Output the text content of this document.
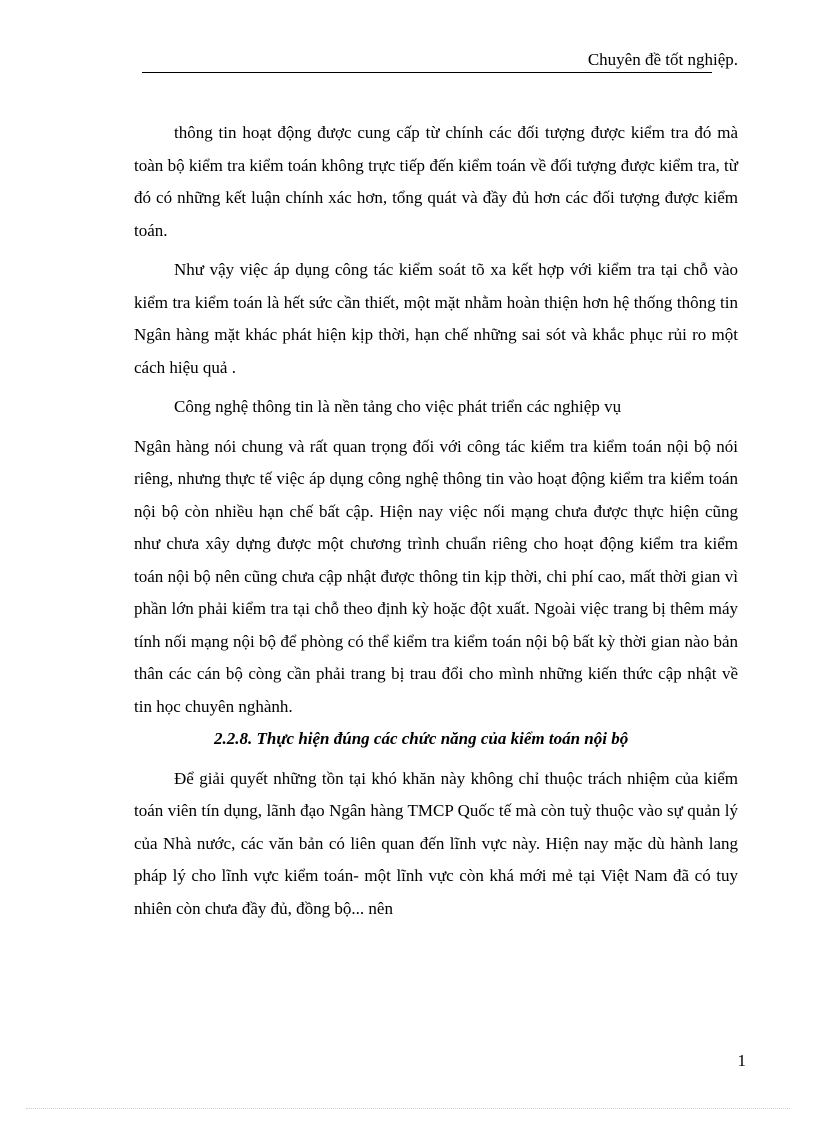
Chuyên đề tốt nghiệp.

thông tin hoạt động được cung cấp từ chính các đối tượng được kiểm tra đó mà toàn bộ kiểm tra kiểm toán không trực tiếp đến kiểm toán về đối tượng được kiểm tra, từ đó có những kết luận chính xác hơn, tổng quát và đầy đủ hơn các đối tượng được kiểm toán.

Như vậy việc áp dụng công tác kiểm soát tõ xa kết hợp với kiểm tra tại chỗ vào kiểm tra kiểm toán là hết sức cần thiết, một mặt nhằm hoàn thiện hơn hệ thống thông tin Ngân hàng mặt khác phát hiện kịp thời, hạn chế những sai sót và khắc phục rủi ro một cách hiệu quả .

Công nghệ thông tin là nền tảng cho việc phát triển các nghiệp vụ

Ngân hàng nói chung và rất quan trọng đối với công tác kiểm tra kiểm toán nội bộ nói riêng, nhưng thực tế việc áp dụng công nghệ thông tin vào hoạt động kiểm tra kiểm toán nội bộ còn nhiều hạn chế bất cập. Hiện nay việc nối mạng chưa được thực hiện cũng như chưa xây dựng được một chương trình chuẩn riêng cho hoạt động kiểm tra kiểm toán nội bộ nên cũng chưa cập nhật được thông tin kịp thời, chi phí cao, mất thời gian vì phần lớn phải kiểm tra tại chỗ theo định kỳ hoặc đột xuất. Ngoài việc trang bị thêm máy tính nối mạng nội bộ để phòng có thể kiểm tra kiểm toán nội bộ bất kỳ thời gian nào bản thân các cán bộ còng cần phải trang bị trau đổi cho mình những kiến thức cập nhật về tin học chuyên nghành.

2.2.8. Thực hiện đúng các chức năng của kiểm toán nội bộ

Để giải quyết những tồn tại khó khăn này không chỉ thuộc trách nhiệm của kiểm toán viên tín dụng, lãnh đạo Ngân hàng TMCP Quốc tế mà còn tuỳ thuộc vào sự quản lý của Nhà nước, các văn bản có liên quan đến lĩnh vực này. Hiện nay mặc dù hành lang pháp lý cho lĩnh vực kiểm toán- một lĩnh vực còn khá mới mẻ tại Việt Nam đã có tuy nhiên còn chưa đầy đủ, đồng bộ... nên

1
